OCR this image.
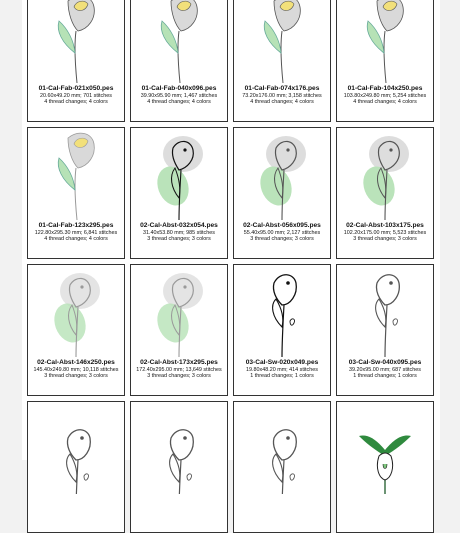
01-Cal-Fab-021x050.pes
20.60x49.20 mm; 701 stitches
4 thread changes; 4 colors
01-Cal-Fab-040x096.pes
39.90x95.90 mm; 1,467 stitches
4 thread changes; 4 colors
01-Cal-Fab-074x176.pes
73.20x176.00 mm; 3,158 stitches
4 thread changes; 4 colors
01-Cal-Fab-104x250.pes
103.80x249.80 mm; 5,254 stitches
4 thread changes; 4 colors
01-Cal-Fab-123x295.pes
122.80x295.30 mm; 6,841 stitches
4 thread changes; 4 colors
02-Cal-Abst-032x054.pes
31.40x53.80 mm; 985 stitches
3 thread changes; 3 colors
02-Cal-Abst-056x095.pes
55.40x95.00 mm; 2,127 stitches
3 thread changes; 3 colors
02-Cal-Abst-103x175.pes
102.20x175.00 mm; 5,523 stitches
3 thread changes; 3 colors
02-Cal-Abst-146x250.pes
145.40x249.80 mm; 10,118 stitches
3 thread changes; 3 colors
02-Cal-Abst-173x295.pes
172.40x295.00 mm; 13,649 stitches
3 thread changes; 3 colors
03-Cal-Sw-020x049.pes
19.80x48.20 mm; 414 stitches
1 thread changes; 1 colors
03-Cal-Sw-040x095.pes
39.20x95.00 mm; 687 stitches
1 thread changes; 1 colors
